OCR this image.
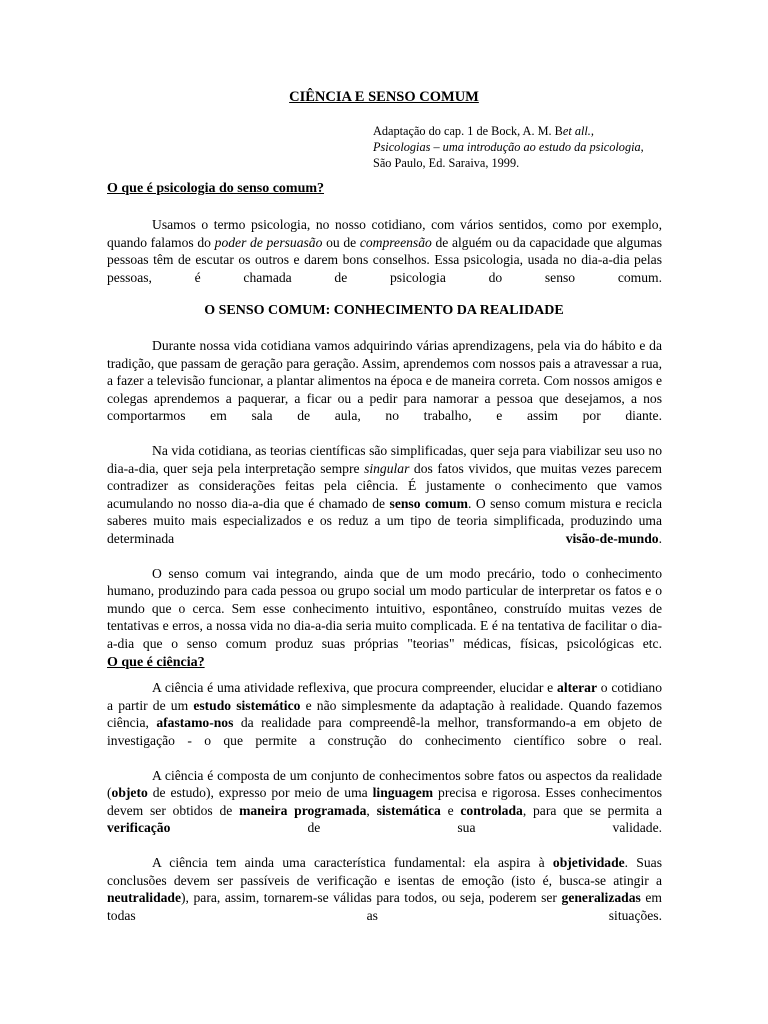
CIÊNCIA E SENSO COMUM

Adaptação do cap. 1 de Bock, A. M. Bet all.,
Psicologias – uma introdução ao estudo da psicologia,
São Paulo, Ed. Saraiva, 1999.

O que é psicologia do senso comum?

Usamos o termo psicologia, no nosso cotidiano, com vários sentidos, como por exemplo, quando falamos do poder de persuasão ou de compreensão de alguém ou da capacidade que algumas pessoas têm de escutar os outros e darem bons conselhos. Essa psicologia, usada no dia-a-dia pelas pessoas, é chamada de psicologia do senso comum.

O SENSO COMUM: CONHECIMENTO DA REALIDADE

Durante nossa vida cotidiana vamos adquirindo várias aprendizagens, pela via do hábito e da tradição, que passam de geração para geração. Assim, aprendemos com nossos pais a atravessar a rua, a fazer a televisão funcionar, a plantar alimentos na época e de maneira correta. Com nossos amigos e colegas aprendemos a paquerar, a ficar ou a pedir para namorar a pessoa que desejamos, a nos comportarmos em sala de aula, no trabalho, e assim por diante.

Na vida cotidiana, as teorias científicas são simplificadas, quer seja para viabilizar seu uso no dia-a-dia, quer seja pela interpretação sempre singular dos fatos vividos, que muitas vezes parecem contradizer as considerações feitas pela ciência. É justamente o conhecimento que vamos acumulando no nosso dia-a-dia que é chamado de senso comum. O senso comum mistura e recicla saberes muito mais especializados e os reduz a um tipo de teoria simplificada, produzindo uma determinada visão-de-mundo.

O senso comum vai integrando, ainda que de um modo precário, todo o conhecimento humano, produzindo para cada pessoa ou grupo social um modo particular de interpretar os fatos e o mundo que o cerca. Sem esse conhecimento intuitivo, espontâneo, construído muitas vezes de tentativas e erros, a nossa vida no dia-a-dia seria muito complicada. E é na tentativa de facilitar o dia-a-dia que o senso comum produz suas próprias "teorias" médicas, físicas, psicológicas etc.

O que é ciência?

A ciência é uma atividade reflexiva, que procura compreender, elucidar e alterar o cotidiano a partir de um estudo sistemático e não simplesmente da adaptação à realidade. Quando fazemos ciência, afastamo-nos da realidade para compreendê-la melhor, transformando-a em objeto de investigação - o que permite a construção do conhecimento científico sobre o real.

A ciência é composta de um conjunto de conhecimentos sobre fatos ou aspectos da realidade (objeto de estudo), expresso por meio de uma linguagem precisa e rigorosa. Esses conhecimentos devem ser obtidos de maneira programada, sistemática e controlada, para que se permita a verificação de sua validade.

A ciência tem ainda uma característica fundamental: ela aspira à objetividade. Suas conclusões devem ser passíveis de verificação e isentas de emoção (isto é, busca-se atingir a neutralidade), para, assim, tornarem-se válidas para todos, ou seja, poderem ser generalizadas em todas as situações.
